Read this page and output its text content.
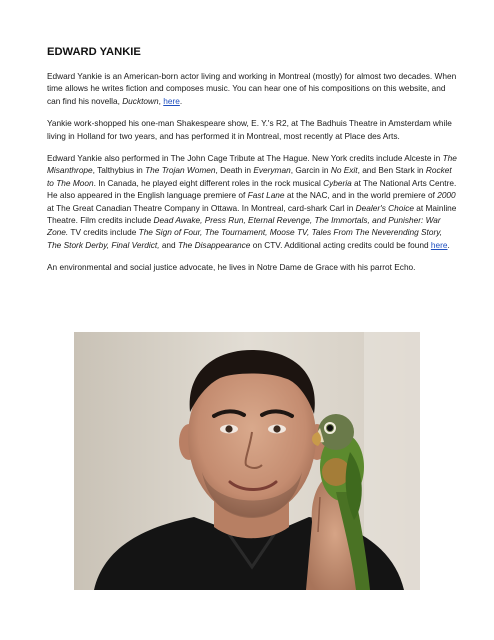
EDWARD YANKIE

Edward Yankie is an American-born actor living and working in Montreal (mostly) for almost two decades. When time allows he writes fiction and composes music. You can hear one of his compositions on this website, and can find his novella, Ducktown, here.

Yankie work-shopped his one-man Shakespeare show, E. Y.'s R2, at The Badhuis Theatre in Amsterdam while living in Holland for two years, and has performed it in Montreal, most recently at Place des Arts.

Edward Yankie also performed in The John Cage Tribute at The Hague. New York credits include Alceste in The Misanthrope, Talthybius in The Trojan Women, Death in Everyman, Garcin in No Exit, and Ben Stark in Rocket to The Moon. In Canada, he played eight different roles in the rock musical Cyberia at The National Arts Centre. He also appeared in the English language premiere of Fast Lane at the NAC, and in the world premiere of 2000 at The Great Canadian Theatre Company in Ottawa. In Montreal, card-shark Carl in Dealer's Choice at Mainline Theatre. Film credits include Dead Awake, Press Run, Eternal Revenge, The Immortals, and Punisher: War Zone. TV credits include The Sign of Four, The Tournament, Moose TV, Tales From The Neverending Story, The Stork Derby, Final Verdict, and The Disappearance on CTV. Additional acting credits could be found here.

An environmental and social justice advocate, he lives in Notre Dame de Grace with his parrot Echo.
